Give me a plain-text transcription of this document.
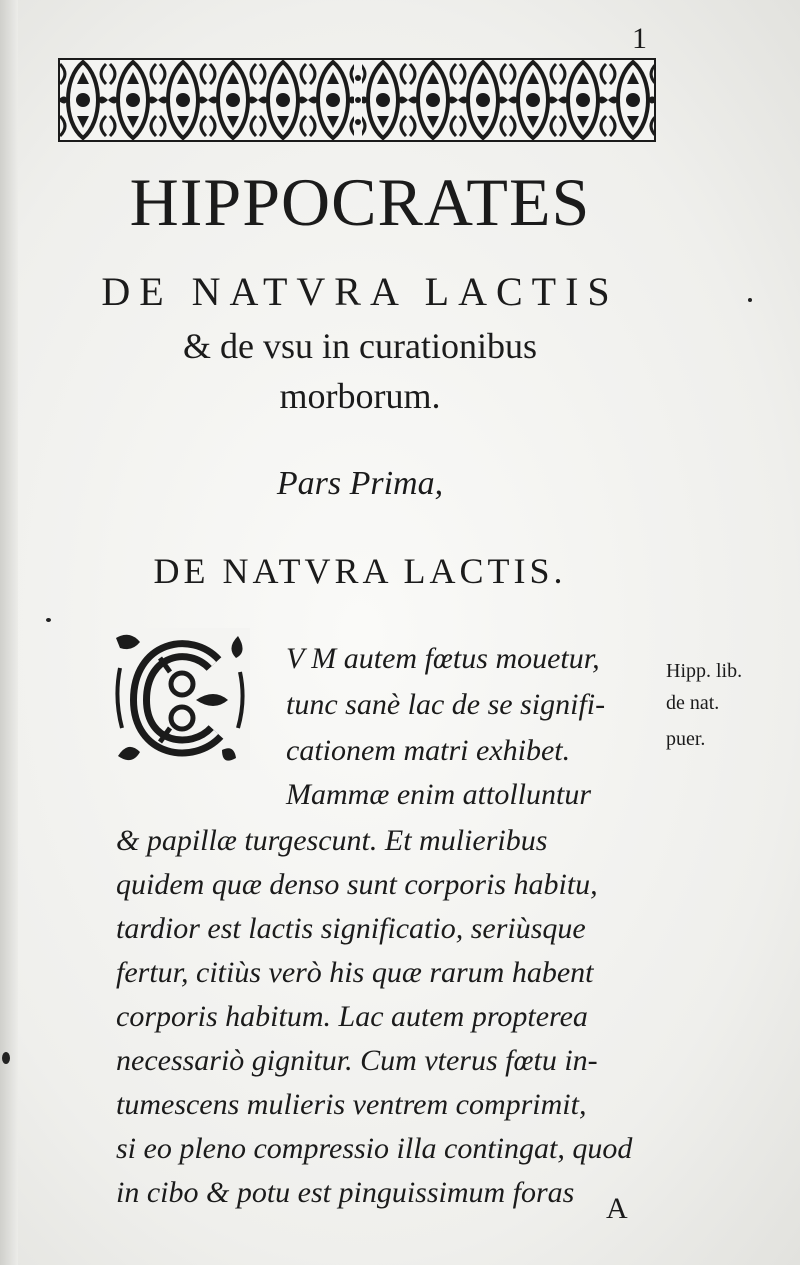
1
HIPPOCRATES
DE NATVRA LACTIS
& de vsu in curationibus
morborum.
Pars Prima,
DE NATVRA LACTIS.
V M autem fœtus mouetur,
tunc sanè lac de se signifi-
cationem matri exhibet.
Mammæ enim attolluntur
& papillæ turgescunt. Et mulieribus
quidem quæ denso sunt corporis habitu,
tardior est lactis significatio, seriùsque
fertur, citiùs verò his quæ rarum habent
corporis habitum. Lac autem propterea
necessariò gignitur. Cum vterus fœtu in-
tumescens mulieris ventrem comprimit,
si eo pleno compressio illa contingat, quod
in cibo & potu est pinguissimum foras
Hipp. lib.
de nat.
puer.
A
